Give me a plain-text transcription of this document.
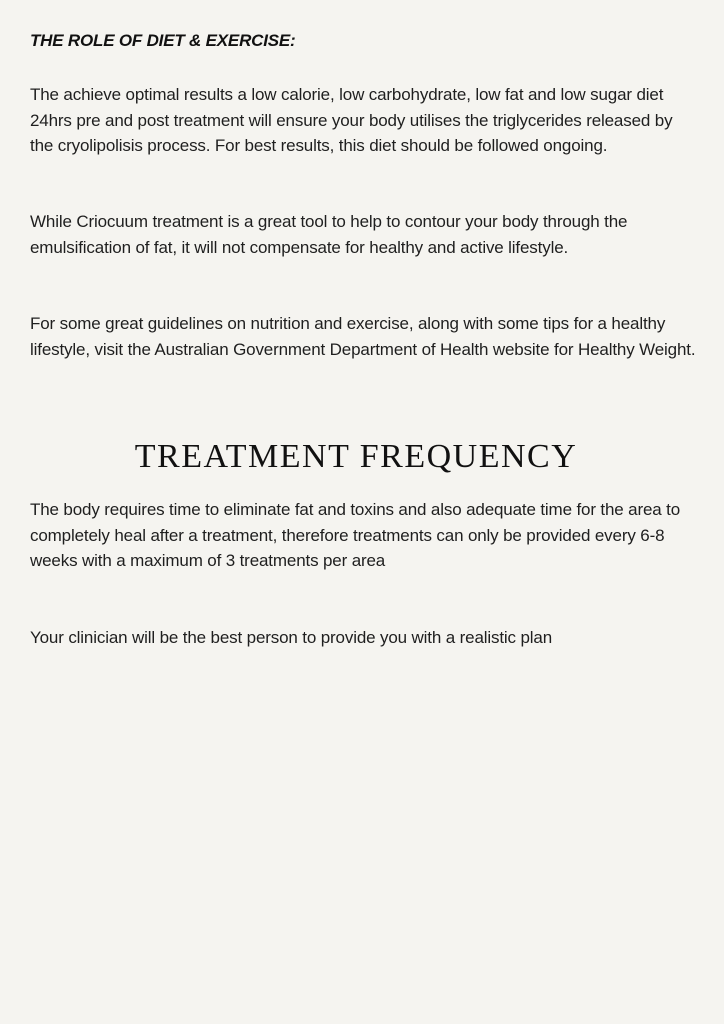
THE ROLE OF DIET & EXERCISE:

The achieve optimal results a low calorie, low carbohydrate, low fat and low sugar diet 24hrs pre and post treatment will ensure your body utilises the triglycerides released by the cryolipolisis process. For best results, this diet should be followed ongoing.

While Criocuum treatment is a great tool to help to contour your body through the emulsification of fat, it will not compensate for healthy and active lifestyle.

For some great guidelines on nutrition and exercise, along with some tips for a healthy lifestyle, visit the Australian Government Department of Health website for Healthy Weight.

TREATMENT FREQUENCY

The body requires time to eliminate fat and toxins and also adequate time for the area to completely heal after a treatment, therefore treatments can only be provided every 6-8 weeks with a maximum of 3 treatments per area

Your clinician will be the best person to provide you with a realistic plan
